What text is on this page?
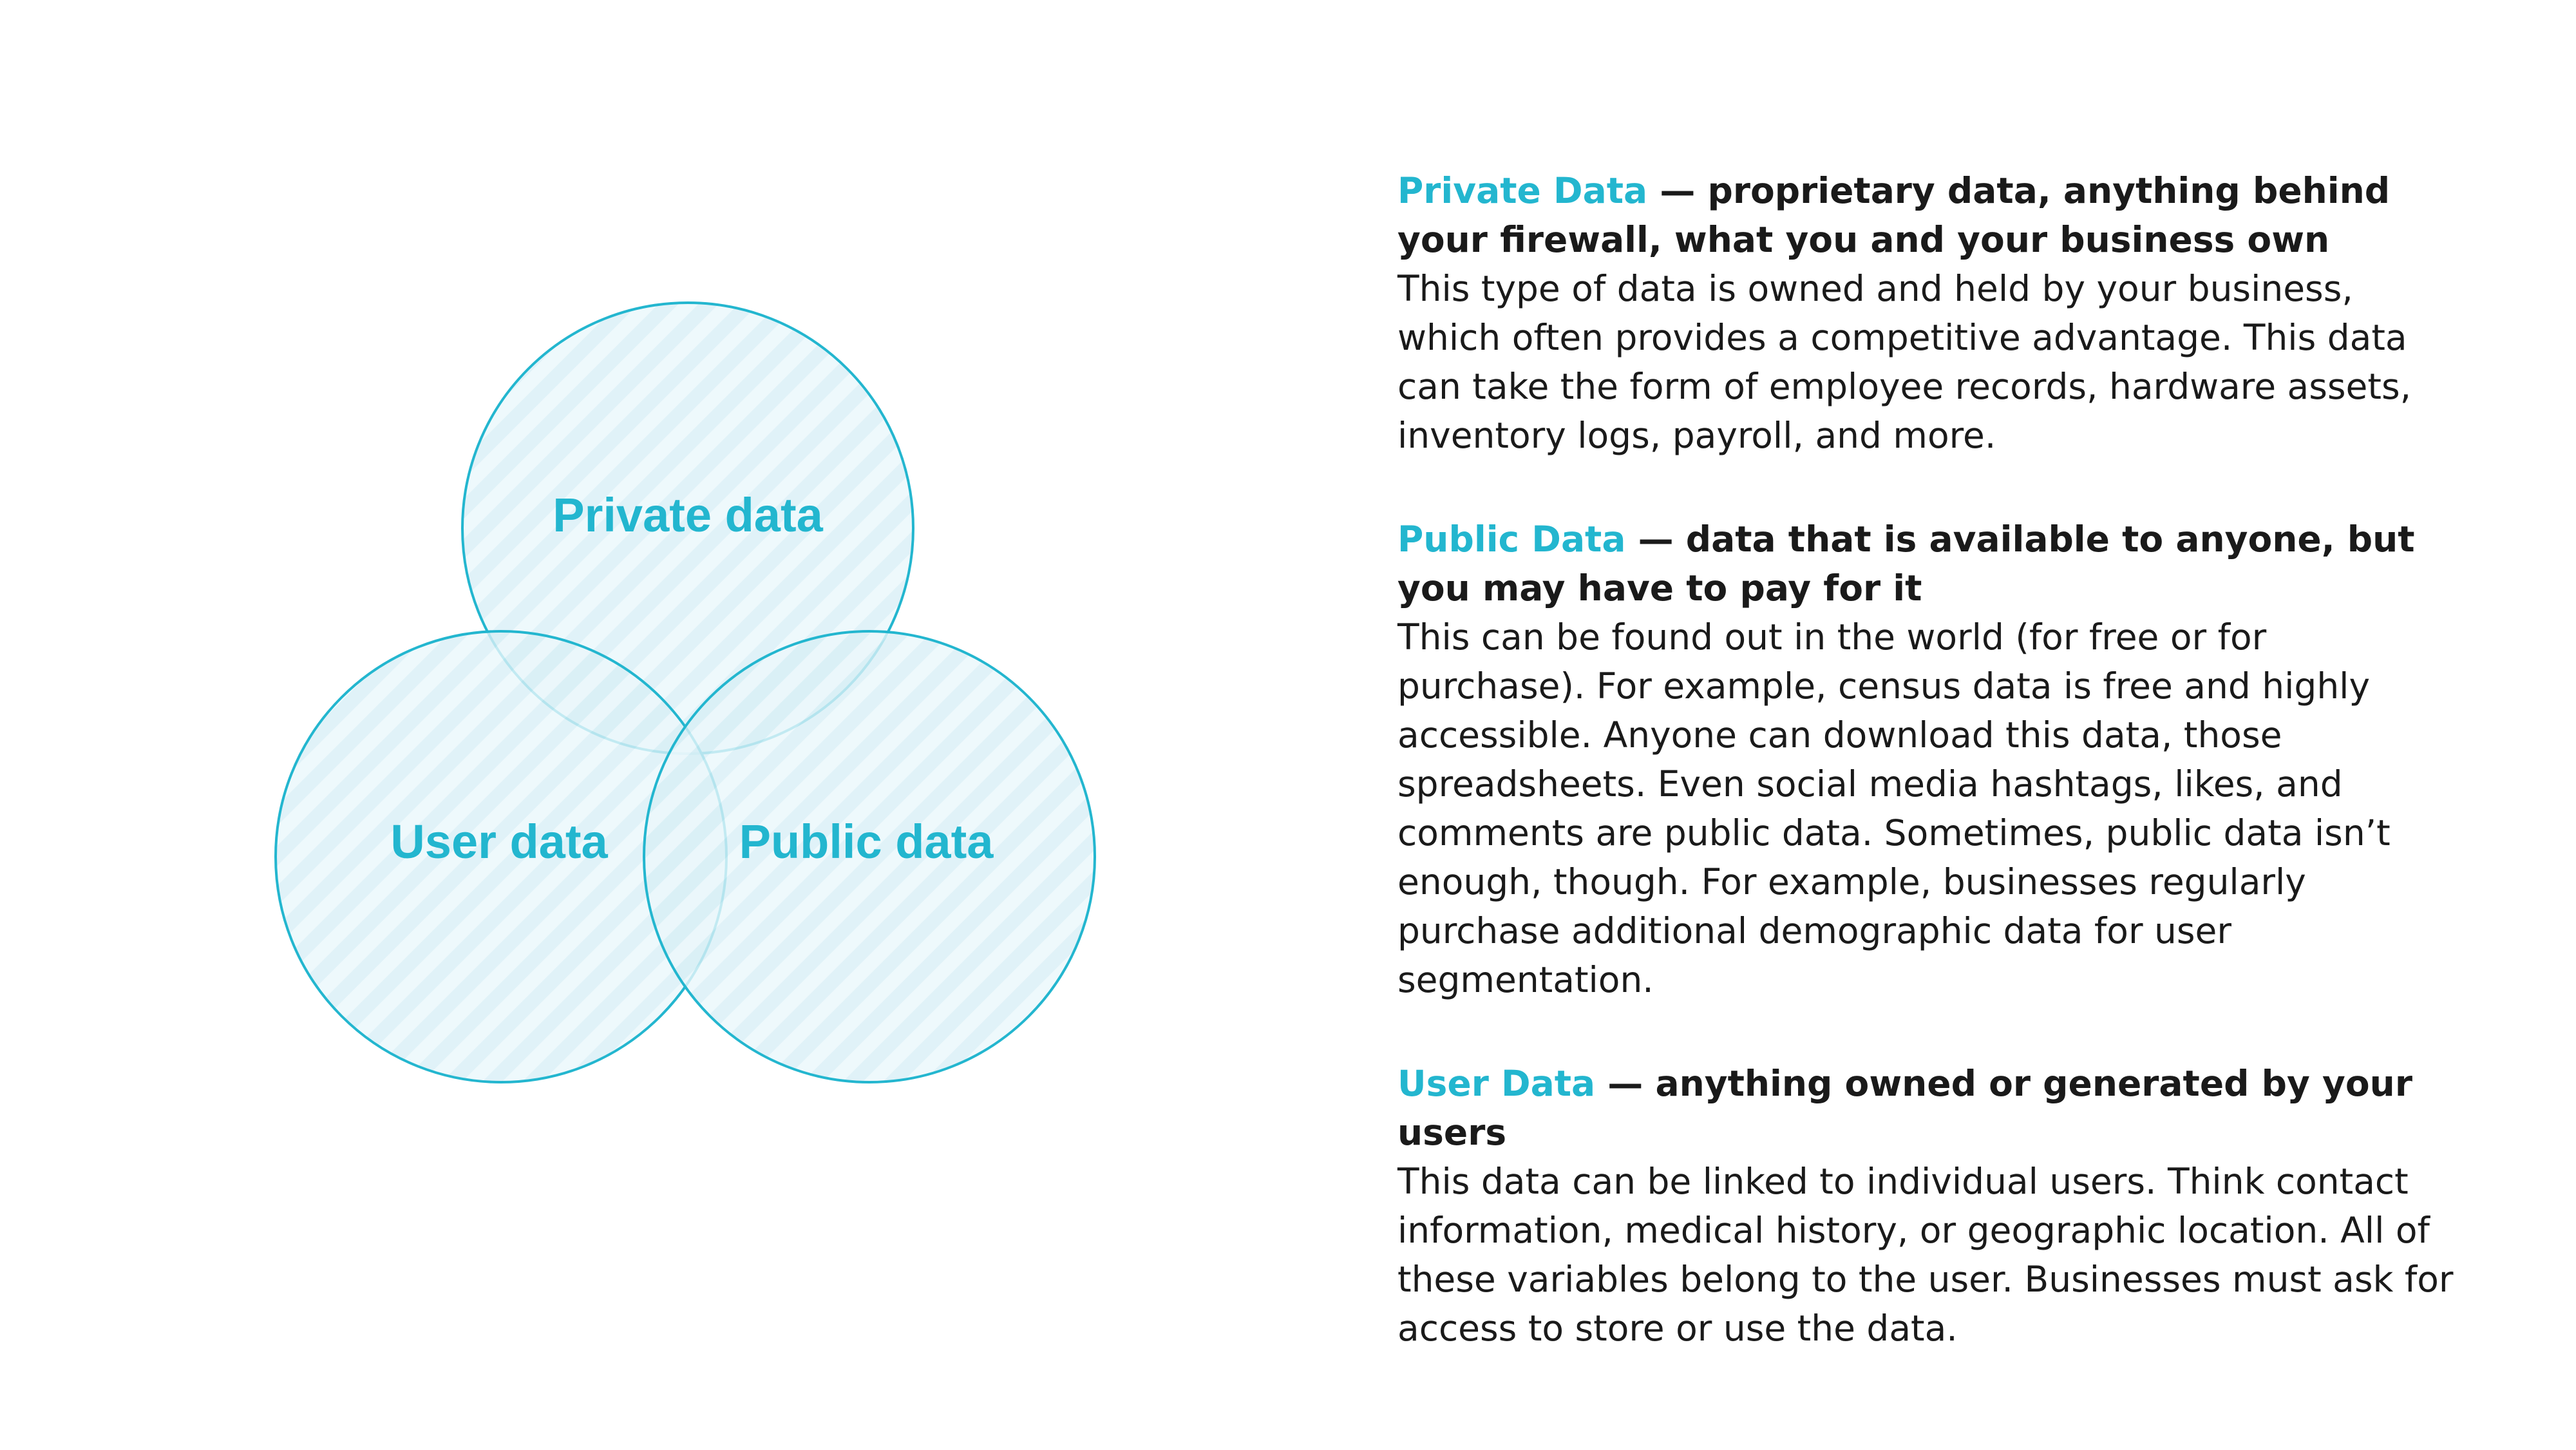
Private data
User data	Public data
Private Data — proprietary data, anything behind your firewall, what you and your business own
This type of data is owned and held by your business, which often provides a competitive advantage. This data can take the form of employee records, hardware assets, inventory logs, payroll, and more.
Public Data — data that is available to anyone, but you may have to pay for it
This can be found out in the world (for free or for purchase). For example, census data is free and highly accessible. Anyone can download this data, those spreadsheets. Even social media hashtags, likes, and comments are public data. Sometimes, public data isn’t enough, though. For example, businesses regularly purchase additional demographic data for user segmentation.
User Data — anything owned or generated by your users
This data can be linked to individual users. Think contact information, medical history, or geographic location. All of these variables belong to the user. Businesses must ask for access to store or use the data.
